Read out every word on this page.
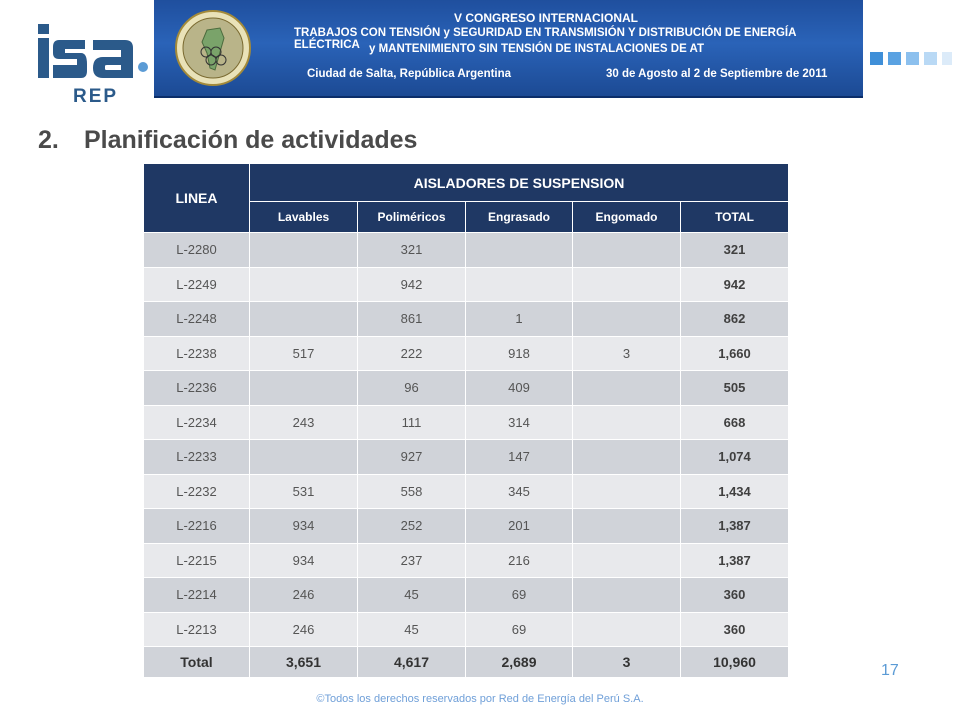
REP
V CONGRESO INTERNACIONAL
TRABAJOS CON TENSIÓN y SEGURIDAD EN TRANSMISIÓN Y DISTRIBUCIÓN DE ENERGÍA ELÉCTRICA y MANTENIMIENTO SIN TENSIÓN DE INSTALACIONES DE AT
Ciudad de Salta, República Argentina	30 de Agosto al 2 de Septiembre de 2011
2. Planificación de actividades
LINEA	AISLADORES DE SUSPENSION				
	Lavables	Poliméricos	Engrasado	Engomado	TOTAL
L-2280		321			321
L-2249		942			942
L-2248		861	1		862
L-2238	517	222	918	3	1,660
L-2236		96	409		505
L-2234	243	111	314		668
L-2233		927	147		1,074
L-2232	531	558	345		1,434
L-2216	934	252	201		1,387
L-2215	934	237	216		1,387
L-2214	246	45	69		360
L-2213	246	45	69		360
Total	3,651	4,617	2,689	3	10,960	17
©Todos los derechos reservados por Red de Energía del Perú S.A.
